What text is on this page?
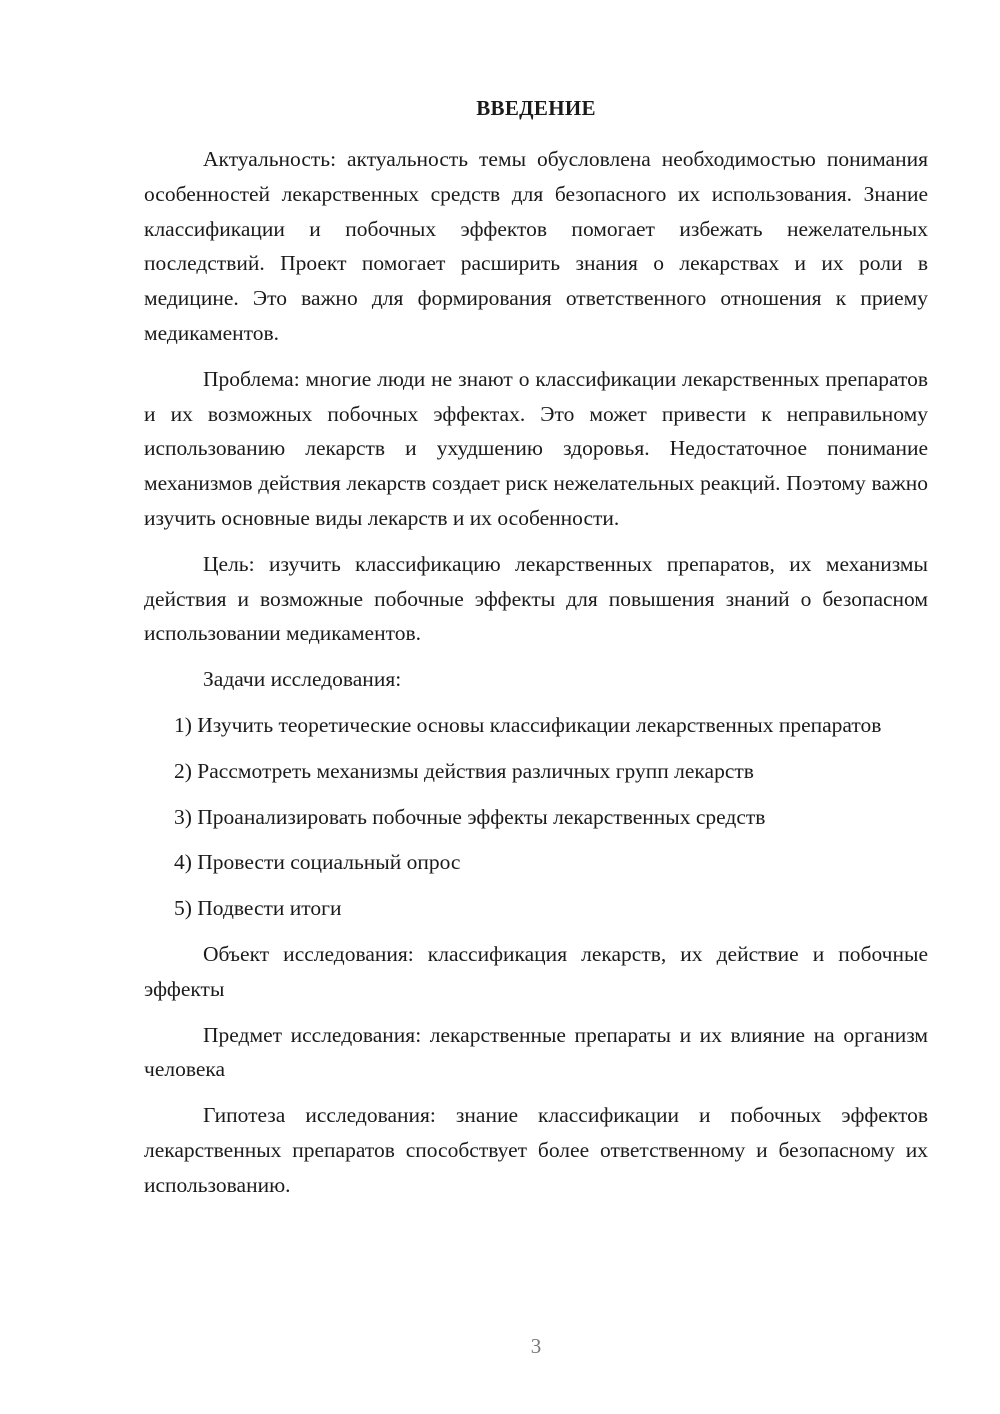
ВВЕДЕНИЕ

Актуальность: актуальность темы обусловлена необходимостью понимания особенностей лекарственных средств для безопасного их использования. Знание классификации и побочных эффектов помогает избежать нежелательных последствий. Проект помогает расширить знания о лекарствах и их роли в медицине. Это важно для формирования ответственного отношения к приему медикаментов.

Проблема: многие люди не знают о классификации лекарственных препаратов и их возможных побочных эффектах. Это может привести к неправильному использованию лекарств и ухудшению здоровья. Недостаточное понимание механизмов действия лекарств создает риск нежелательных реакций. Поэтому важно изучить основные виды лекарств и их особенности.

Цель: изучить классификацию лекарственных препаратов, их механизмы действия и возможные побочные эффекты для повышения знаний о безопасном использовании медикаментов.

Задачи исследования:

1) Изучить теоретические основы классификации лекарственных препаратов

2) Рассмотреть механизмы действия различных групп лекарств

3) Проанализировать побочные эффекты лекарственных средств

4) Провести социальный опрос

5) Подвести итоги

Объект исследования: классификация лекарств, их действие и побочные эффекты

Предмет исследования: лекарственные препараты и их влияние на организм человека

Гипотеза исследования: знание классификации и побочных эффектов лекарственных препаратов способствует более ответственному и безопасному их использованию.

3
